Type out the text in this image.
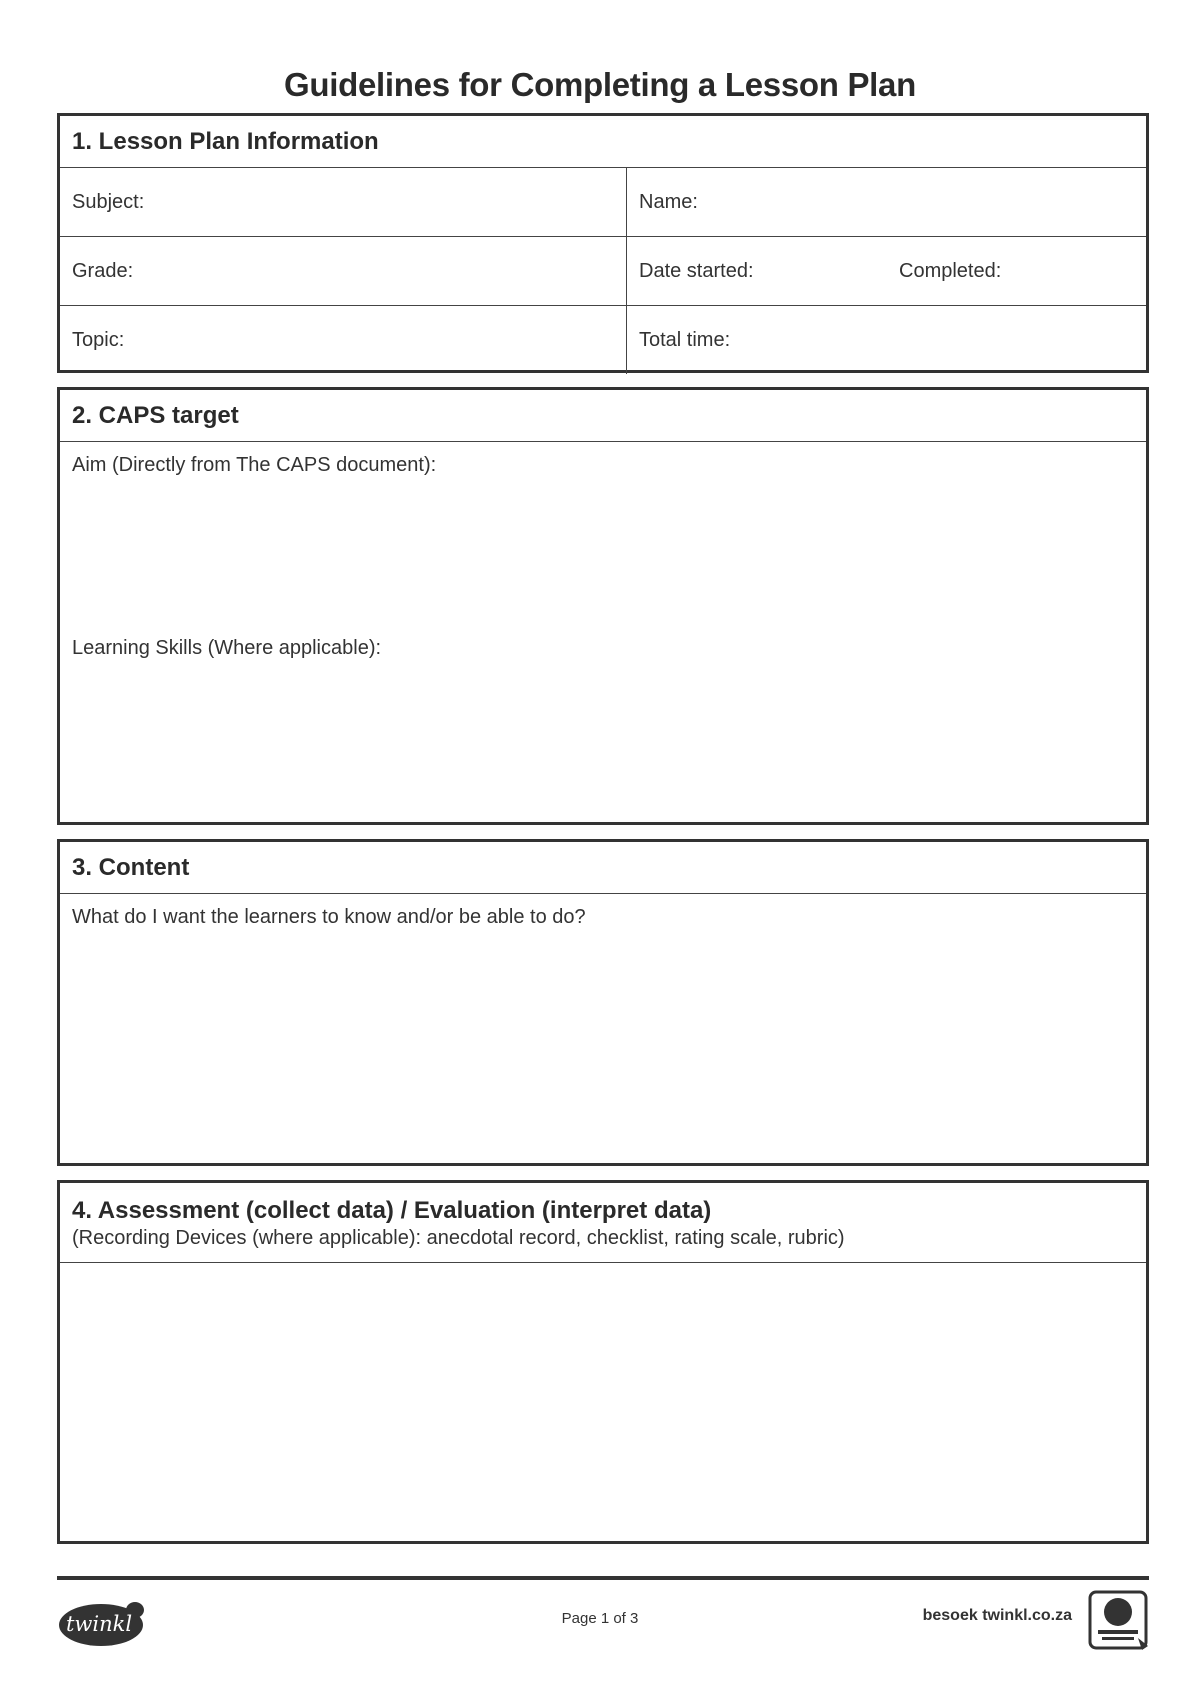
Guidelines for Completing a Lesson Plan
1. Lesson Plan Information
Subject:	Name:
Grade:	Date started:	Completed:
Topic:	Total time:
2. CAPS target
Aim (Directly from The CAPS document):
Learning Skills (Where applicable):
3. Content
What do I want the learners to know and/or be able to do?
4. Assessment (collect data) / Evaluation (interpret data)
(Recording Devices (where applicable): anecdotal record, checklist, rating scale, rubric)
twinkl	Page 1 of 3	besoek twinkl.co.za
